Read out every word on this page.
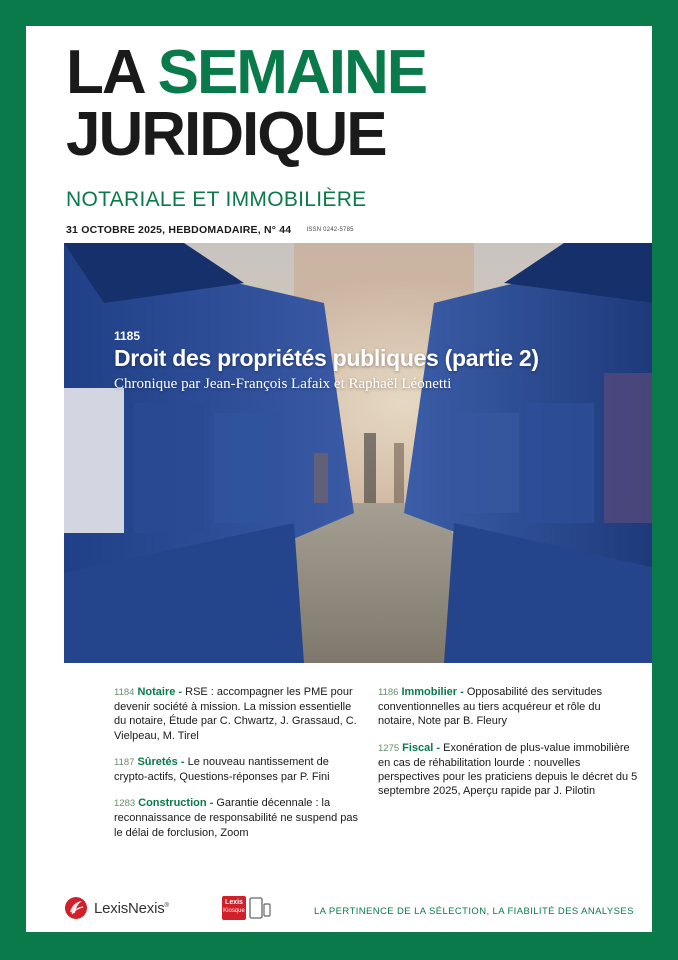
LA SEMAINE
JURIDIQUE
NOTARIALE ET IMMOBILIÈRE
31 OCTOBRE 2025, HEBDOMADAIRE, N° 44	ISSN 0242-5785
1185
Droit des propriétés publiques (partie 2)
Chronique par Jean-François Lafaix et Raphaël Léonetti
1184 Notaire - RSE : accompagner les PME pour devenir société à mission. La mission essentielle du notaire, Étude par C. Chwartz, J. Grassaud, C. Vielpeau, M. Tirel
1187 Sûretés - Le nouveau nantissement de crypto-actifs, Questions-réponses par P. Fini
1283 Construction - Garantie décennale : la reconnaissance de responsabilité ne suspend pas le délai de forclusion, Zoom
1186 Immobilier - Opposabilité des servitudes conventionnelles au tiers acquéreur et rôle du notaire, Note par B. Fleury
1275 Fiscal - Exonération de plus-value immobilière en cas de réhabilitation lourde : nouvelles perspectives pour les praticiens depuis le décret du 5 septembre 2025, Aperçu rapide par J. Pilotin
LexisNexis®	Lexis
Kiosque	LA PERTINENCE DE LA SÉLECTION, LA FIABILITÉ DES ANALYSES
